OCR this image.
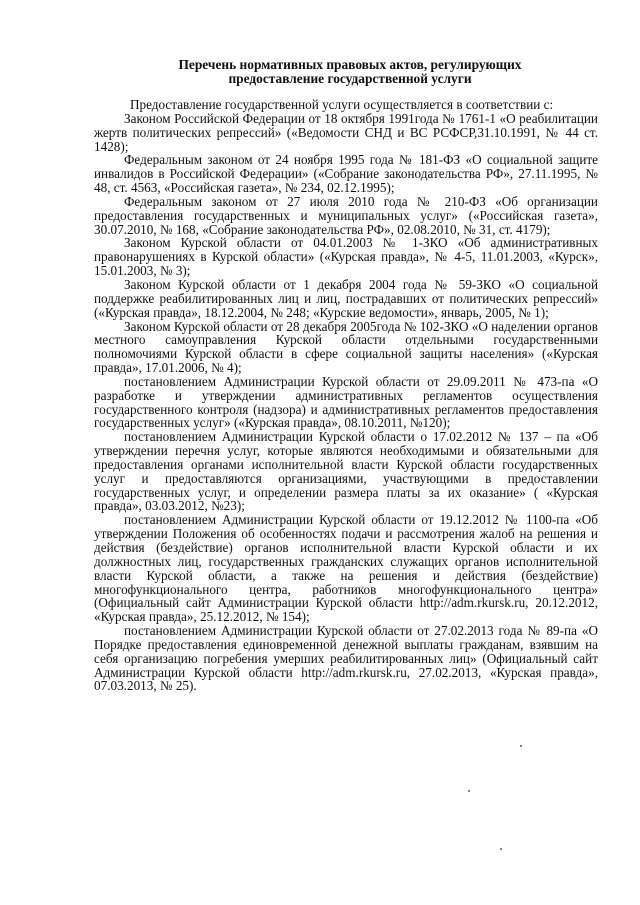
Перечень нормативных правовых актов, регулирующих
предоставление государственной услуги

Предоставление государственной услуги осуществляется в соответствии с:

Законом Российской Федерации от 18 октября 1991года № 1761-1 «О реабилитации жертв политических репрессий» («Ведомости СНД и ВС РСФСР,31.10.1991, № 44 ст. 1428);

Федеральным законом от 24 ноября 1995 года № 181-ФЗ «О социальной защите инвалидов в Российской Федерации» («Собрание законодательства РФ», 27.11.1995, № 48, ст. 4563, «Российская газета», № 234, 02.12.1995);

Федеральным законом от 27 июля 2010 года № 210-ФЗ «Об организации предоставления государственных и муниципальных услуг» («Российская газета», 30.07.2010, № 168, «Собрание законодательства РФ», 02.08.2010, № 31, ст. 4179);

Законом Курской области от 04.01.2003 № 1-ЗКО «Об административных правонарушениях в Курской области» («Курская правда», № 4-5, 11.01.2003, «Курск», 15.01.2003, № 3);

Законом Курской области от 1 декабря 2004 года № 59-ЗКО «О социальной поддержке реабилитированных лиц и лиц, пострадавших от политических репрессий» («Курская правда», 18.12.2004, № 248; «Курские ведомости», январь, 2005, № 1);

Законом Курской области от 28 декабря 2005года № 102-ЗКО «О наделении органов местного самоуправления Курской области отдельными государственными полномочиями Курской области в сфере социальной защиты населения» («Курская правда», 17.01.2006, № 4);

постановлением Администрации Курской области от 29.09.2011 № 473-па «О разработке и утверждении административных регламентов осуществления государственного контроля (надзора) и административных регламентов предоставления государственных услуг» («Курская правда», 08.10.2011, №120);

постановлением Администрации Курской области о 17.02.2012 № 137 – па «Об утверждении перечня услуг, которые являются необходимыми и обязательными для предоставления органами исполнительной власти Курской области государственных услуг и предоставляются организациями, участвующими в предоставлении государственных услуг, и определении размера платы за их оказание» ( «Курская правда», 03.03.2012, №23);

постановлением Администрации Курской области от 19.12.2012 № 1100-па «Об утверждении Положения об особенностях подачи и рассмотрения жалоб на решения и действия (бездействие) органов исполнительной власти Курской области и их должностных лиц, государственных гражданских служащих органов исполнительной власти Курской области, а также на решения и действия (бездействие) многофункционального центра, работников многофункционального центра» (Официальный сайт Администрации Курской области http://adm.rkursk.ru, 20.12.2012, «Курская правда», 25.12.2012, № 154);

постановлением Администрации Курской области от 27.02.2013 года № 89-па «О Порядке предоставления единовременной денежной выплаты гражданам, взявшим на себя организацию погребения умерших реабилитированных лиц» (Официальный сайт Администрации Курской области http://adm.rkursk.ru, 27.02.2013, «Курская правда», 07.03.2013, № 25).
